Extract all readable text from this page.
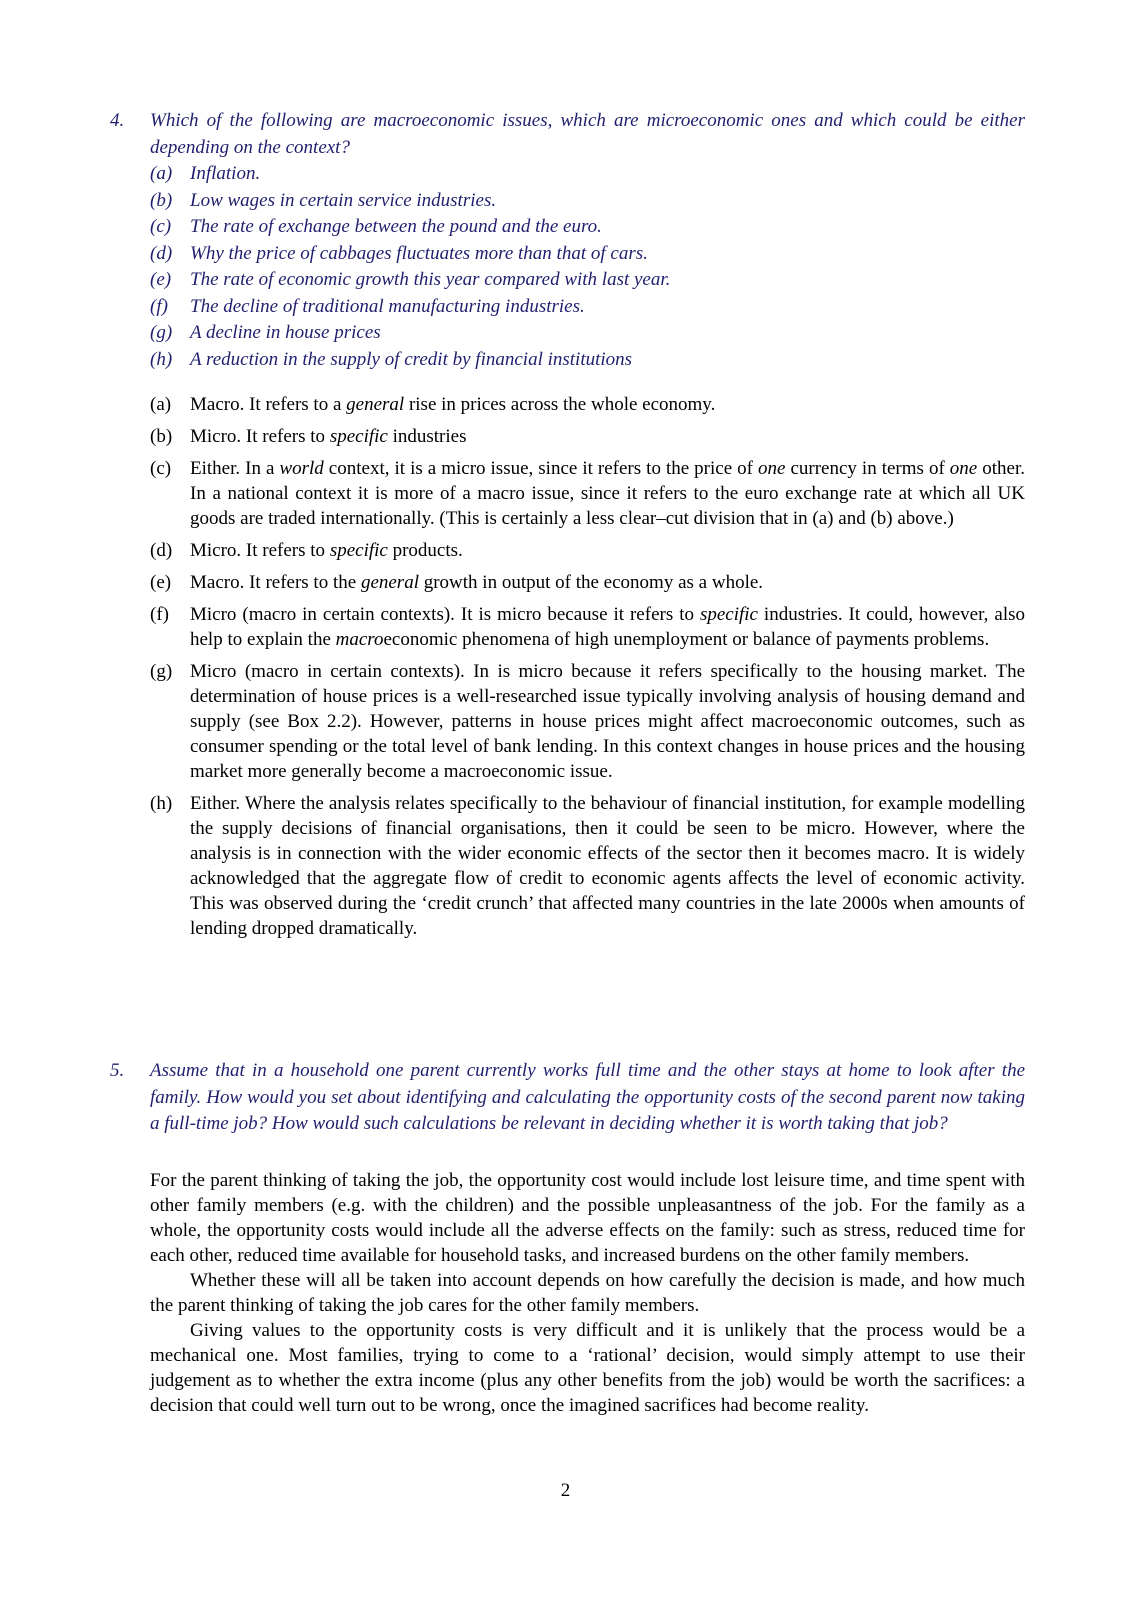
4. Which of the following are macroeconomic issues, which are microeconomic ones and which could be either depending on the context?
(a) Inflation.
(b) Low wages in certain service industries.
(c) The rate of exchange between the pound and the euro.
(d) Why the price of cabbages fluctuates more than that of cars.
(e) The rate of economic growth this year compared with last year.
(f) The decline of traditional manufacturing industries.
(g) A decline in house prices
(h) A reduction in the supply of credit by financial institutions
(a) Macro. It refers to a general rise in prices across the whole economy.
(b) Micro. It refers to specific industries
(c) Either. In a world context, it is a micro issue, since it refers to the price of one currency in terms of one other. In a national context it is more of a macro issue, since it refers to the euro exchange rate at which all UK goods are traded internationally. (This is certainly a less clear–cut division that in (a) and (b) above.)
(d) Micro. It refers to specific products.
(e) Macro. It refers to the general growth in output of the economy as a whole.
(f) Micro (macro in certain contexts). It is micro because it refers to specific industries. It could, however, also help to explain the macroeconomic phenomena of high unemployment or balance of payments problems.
(g) Micro (macro in certain contexts). In is micro because it refers specifically to the housing market. The determination of house prices is a well-researched issue typically involving analysis of housing demand and supply (see Box 2.2). However, patterns in house prices might affect macroeconomic outcomes, such as consumer spending or the total level of bank lending. In this context changes in house prices and the housing market more generally become a macroeconomic issue.
(h) Either. Where the analysis relates specifically to the behaviour of financial institution, for example modelling the supply decisions of financial organisations, then it could be seen to be micro. However, where the analysis is in connection with the wider economic effects of the sector then it becomes macro. It is widely acknowledged that the aggregate flow of credit to economic agents affects the level of economic activity. This was observed during the ‘credit crunch’ that affected many countries in the late 2000s when amounts of lending dropped dramatically.
5. Assume that in a household one parent currently works full time and the other stays at home to look after the family. How would you set about identifying and calculating the opportunity costs of the second parent now taking a full-time job? How would such calculations be relevant in deciding whether it is worth taking that job?

For the parent thinking of taking the job, the opportunity cost would include lost leisure time, and time spent with other family members (e.g. with the children) and the possible unpleasantness of the job. For the family as a whole, the opportunity costs would include all the adverse effects on the family: such as stress, reduced time for each other, reduced time available for household tasks, and increased burdens on the other family members.

Whether these will all be taken into account depends on how carefully the decision is made, and how much the parent thinking of taking the job cares for the other family members.

Giving values to the opportunity costs is very difficult and it is unlikely that the process would be a mechanical one. Most families, trying to come to a ‘rational’ decision, would simply attempt to use their judgement as to whether the extra income (plus any other benefits from the job) would be worth the sacrifices: a decision that could well turn out to be wrong, once the imagined sacrifices had become reality.

2
